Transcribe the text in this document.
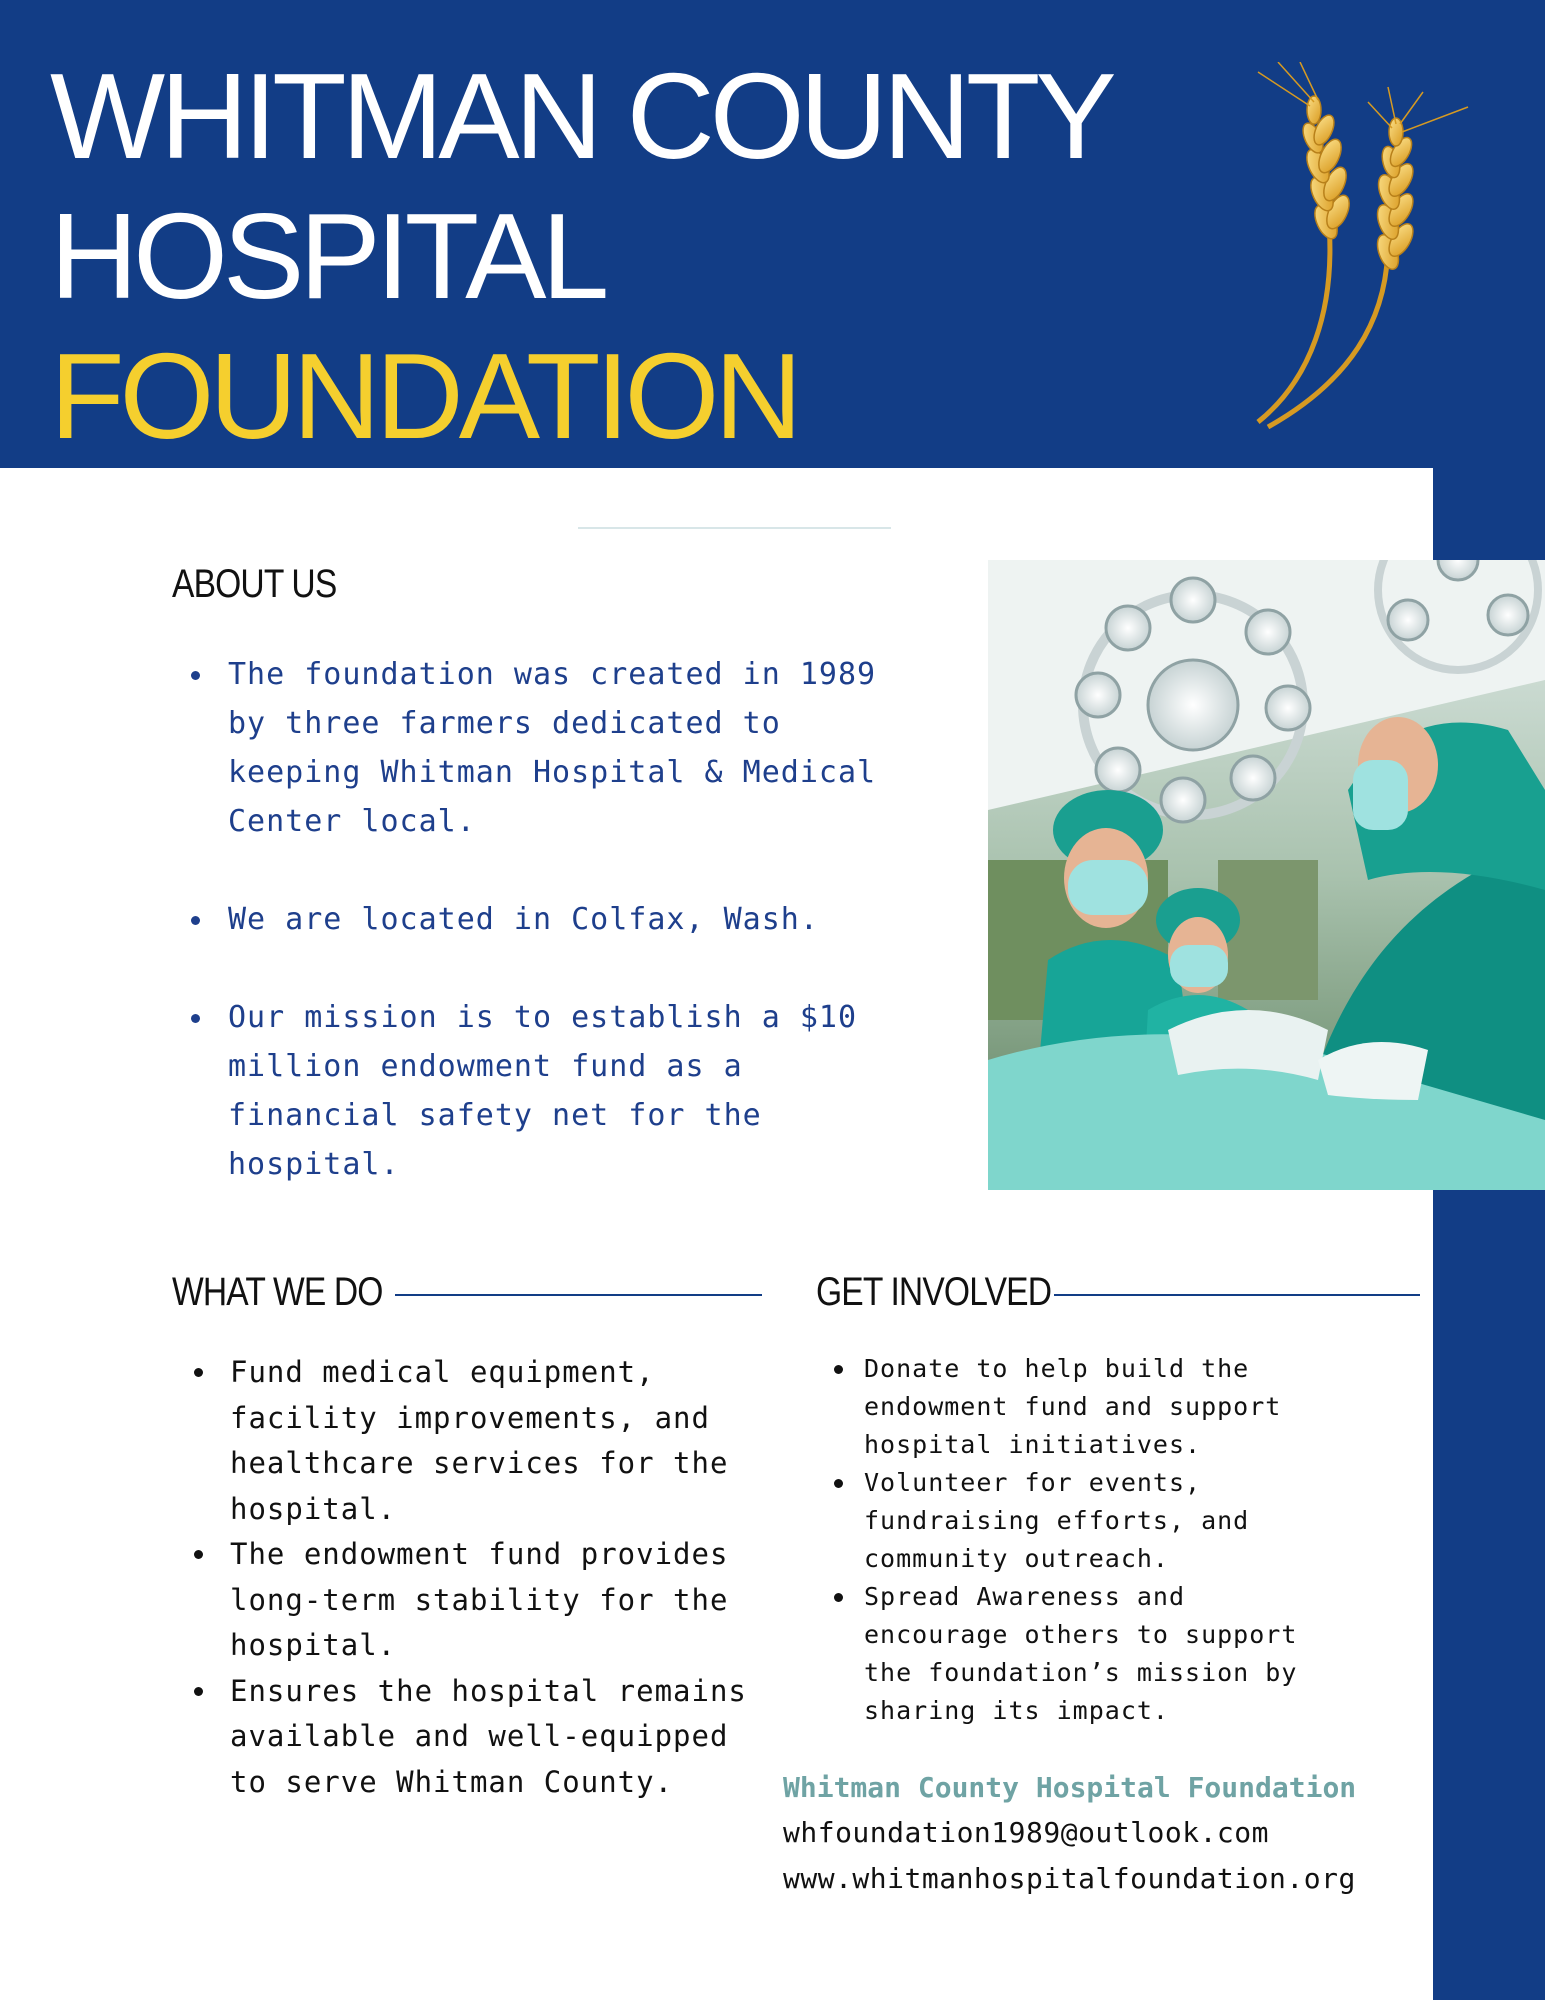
WHITMAN COUNTY
HOSPITAL
FOUNDATION
ABOUT US
The foundation was created in 1989 by three farmers dedicated to keeping Whitman Hospital & Medical Center local.
We are located in Colfax, Wash.
Our mission is to establish a $10 million endowment fund as a financial safety net for the hospital.
WHAT WE DO
Fund medical equipment, facility improvements, and healthcare services for the hospital.
The endowment fund provides long-term stability for the hospital.
Ensures the hospital remains available and well-equipped to serve Whitman County.
GET INVOLVED
Donate to help build the endowment fund and support hospital initiatives.
Volunteer for events, fundraising efforts, and community outreach.
Spread Awareness and encourage others to support the foundation’s mission by sharing its impact.
Whitman County Hospital Foundation
whfoundation1989@outlook.com
www.whitmanhospitalfoundation.org
